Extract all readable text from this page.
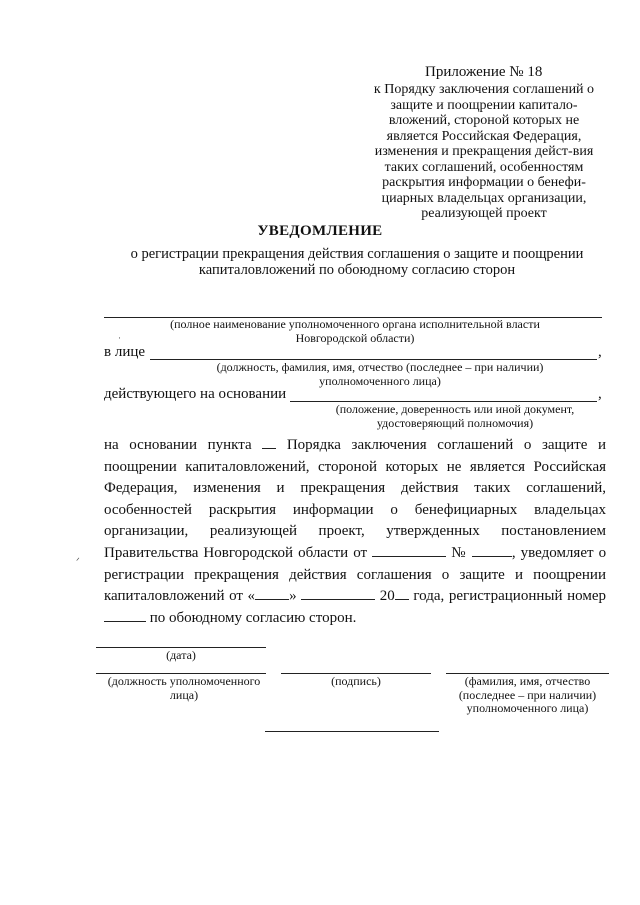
Приложение № 18
к Порядку заключения соглашений о защите и поощрении капитало-вложений, стороной которых не является Российская Федерация, изменения и прекращения дейст-вия таких соглашений, особенностям раскрытия информации о бенефи-циарных владельцах организации, реализующей проект
УВЕДОМЛЕНИЕ
о регистрации прекращения действия соглашения о защите и поощрении капиталовложений по обоюдному согласию сторон
(полное наименование уполномоченного органа исполнительной власти Новгородской области)
·
в лице	,
(должность, фамилия, имя, отчество (последнее – при наличии) уполномоченного лица)
действующего на основании	,
(положение, доверенность или иной документ, удостоверяющий полномочия)
на основании пункта Порядка заключения соглашений о защите и поощрении капиталовложений, стороной которых не является Российская Федерация, изменения и прекращения действия таких соглашений, особенностей раскрытия информации о бенефициарных владельцах организации, реализующей проект, утвержденных постановлением Правительства Новгородской области от	№	, уведомляет о регистрации прекращения действия соглашения о защите и поощрении капиталовложений от « »	20 года, регистрационный номер  по обоюдному согласию сторон.
ᐟ
(дата)
(должность уполномоченного лица)
(подпись)	(фамилия, имя, отчество (последнее – при наличии) уполномоченного лица)
